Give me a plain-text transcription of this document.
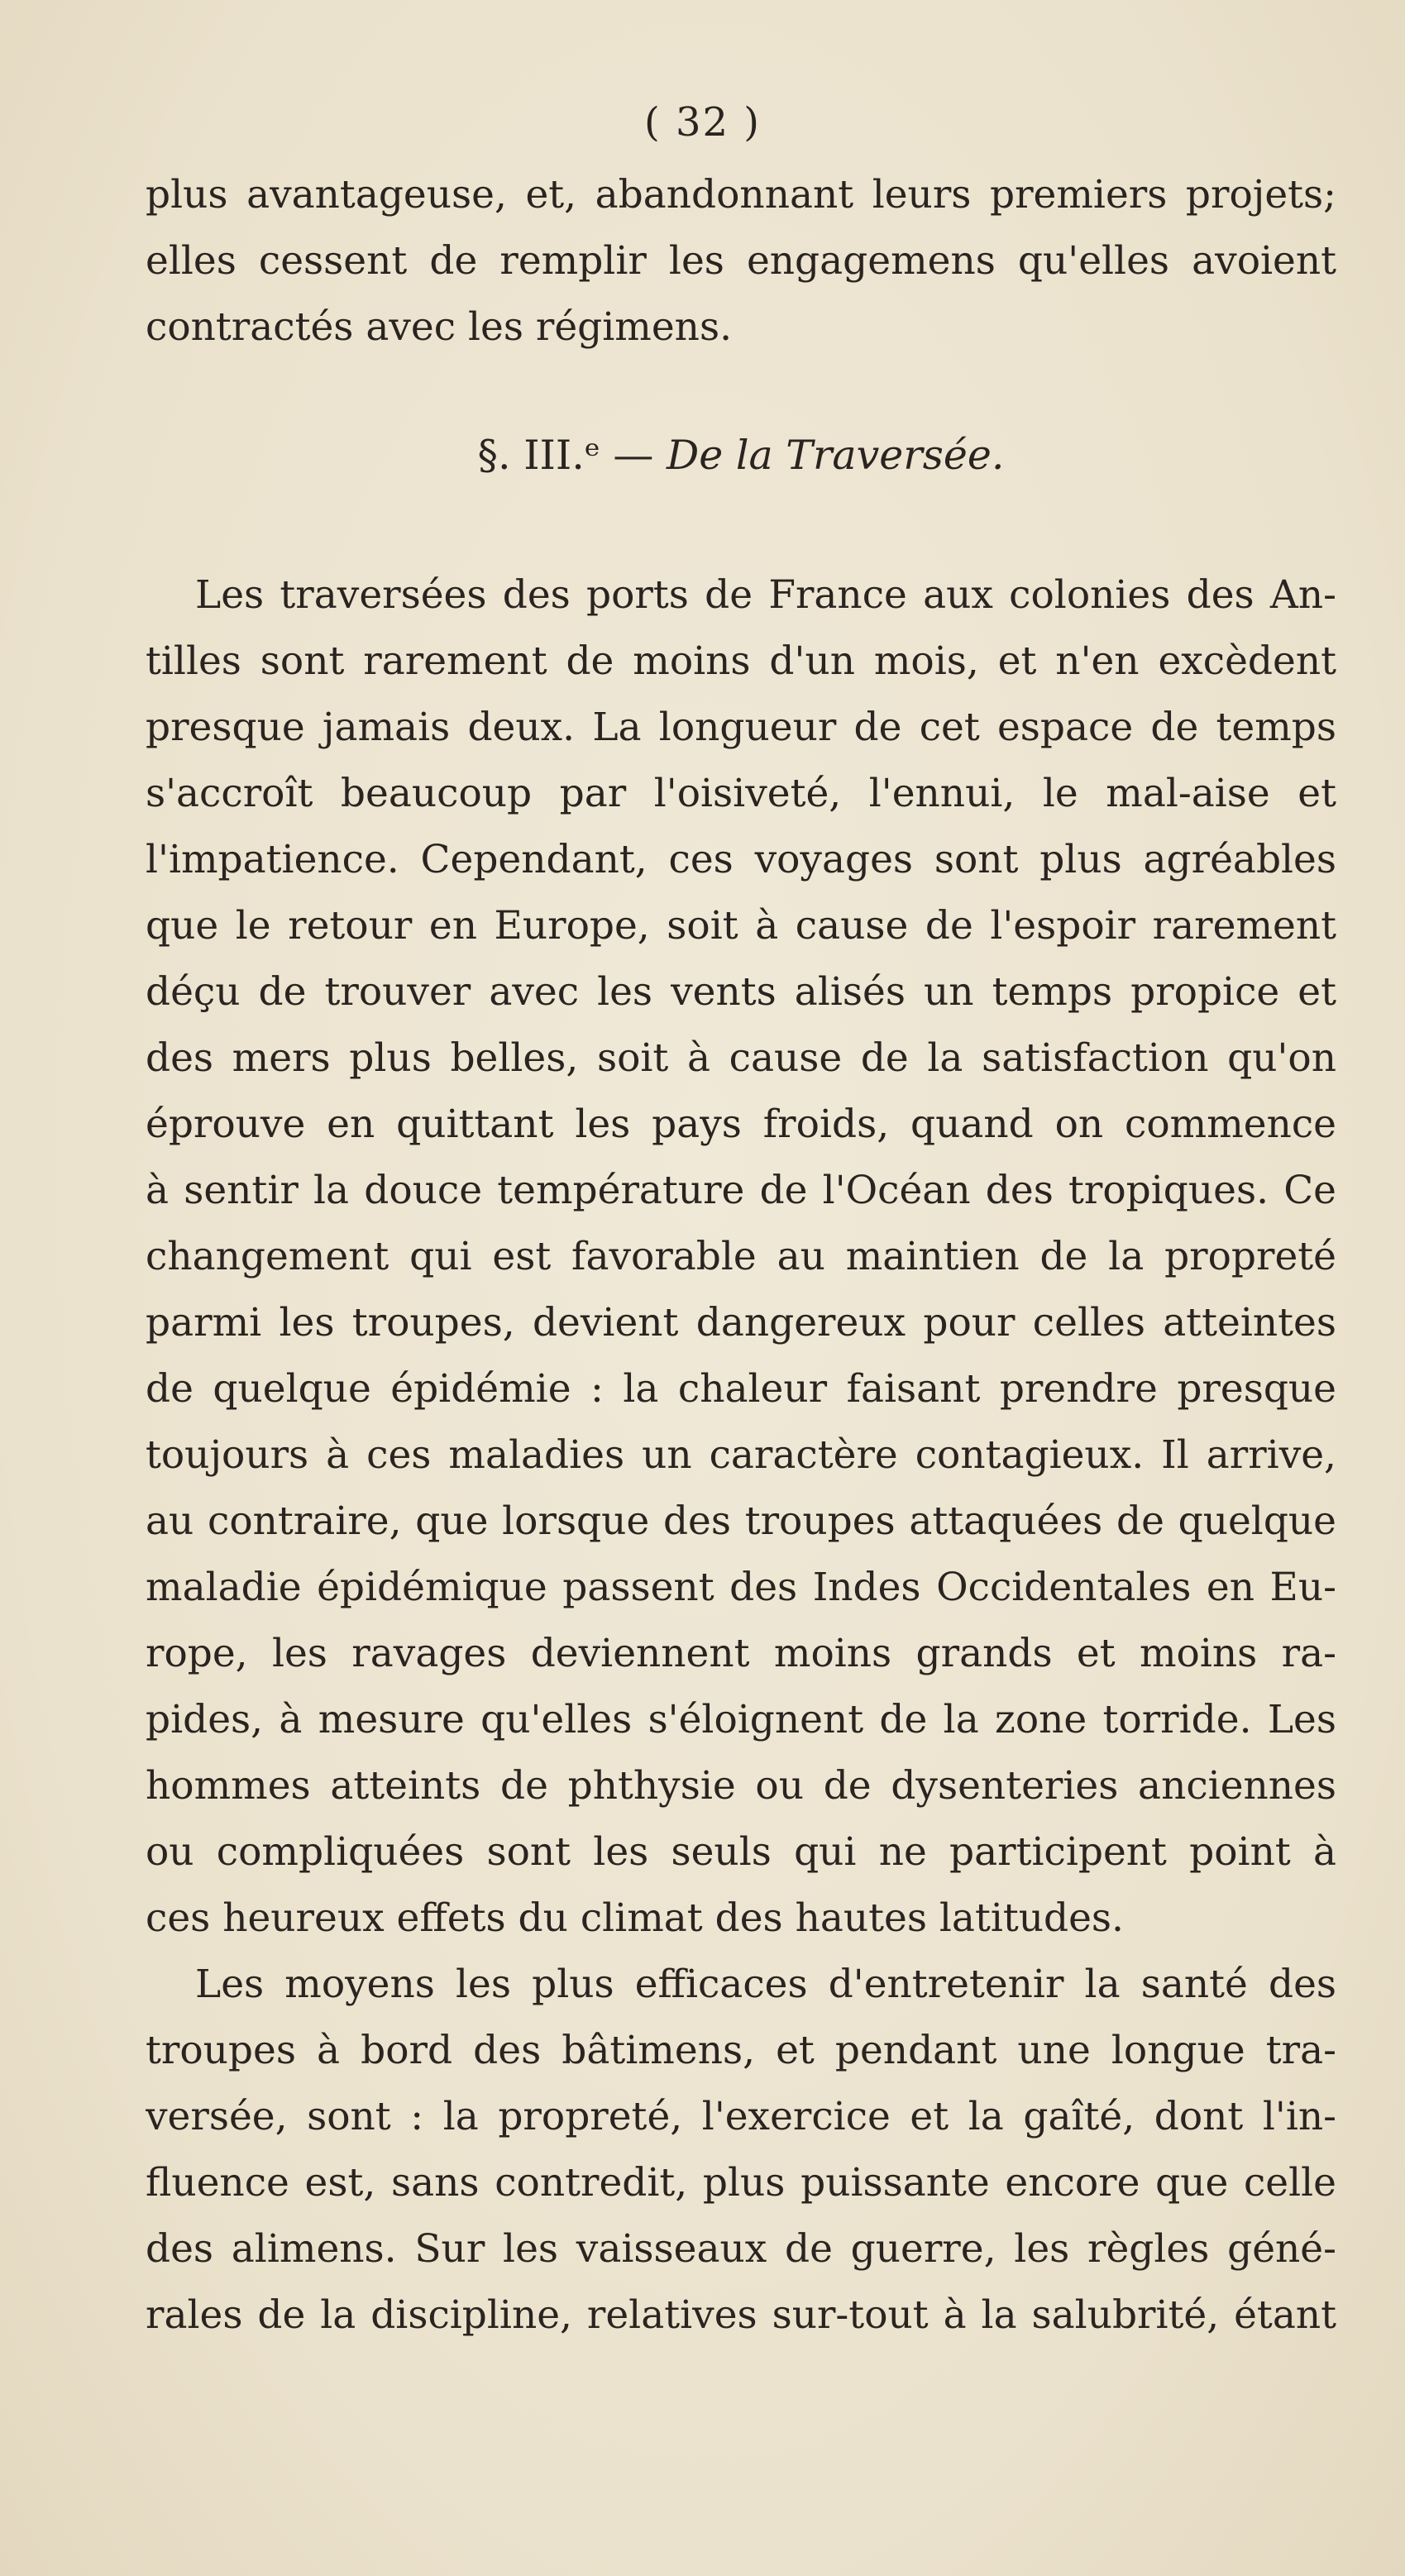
( 32 )
plus avantageuse, et, abandonnant leurs premiers projets;
elles cessent de remplir les engagemens qu'elles avoient
contractés avec les régimens.
§. III.ᵉ — De la Traversée.
Les traversées des ports de France aux colonies des An-
tilles sont rarement de moins d'un mois, et n'en excèdent
presque jamais deux. La longueur de cet espace de temps
s'accroît beaucoup par l'oisiveté, l'ennui, le mal-aise et
l'impatience. Cependant, ces voyages sont plus agréables
que le retour en Europe, soit à cause de l'espoir rarement
déçu de trouver avec les vents alisés un temps propice et
des mers plus belles, soit à cause de la satisfaction qu'on
éprouve en quittant les pays froids, quand on commence
à sentir la douce température de l'Océan des tropiques. Ce
changement qui est favorable au maintien de la propreté
parmi les troupes, devient dangereux pour celles atteintes
de quelque épidémie : la chaleur faisant prendre presque
toujours à ces maladies un caractère contagieux. Il arrive,
au contraire, que lorsque des troupes attaquées de quelque
maladie épidémique passent des Indes Occidentales en Eu-
rope, les ravages deviennent moins grands et moins ra-
pides, à mesure qu'elles s'éloignent de la zone torride. Les
hommes atteints de phthysie ou de dysenteries anciennes
ou compliquées sont les seuls qui ne participent point à
ces heureux effets du climat des hautes latitudes.
Les moyens les plus efficaces d'entretenir la santé des
troupes à bord des bâtimens, et pendant une longue tra-
versée, sont : la propreté, l'exercice et la gaîté, dont l'in-
fluence est, sans contredit, plus puissante encore que celle
des alimens. Sur les vaisseaux de guerre, les règles géné-
rales de la discipline, relatives sur-tout à la salubrité, étant
